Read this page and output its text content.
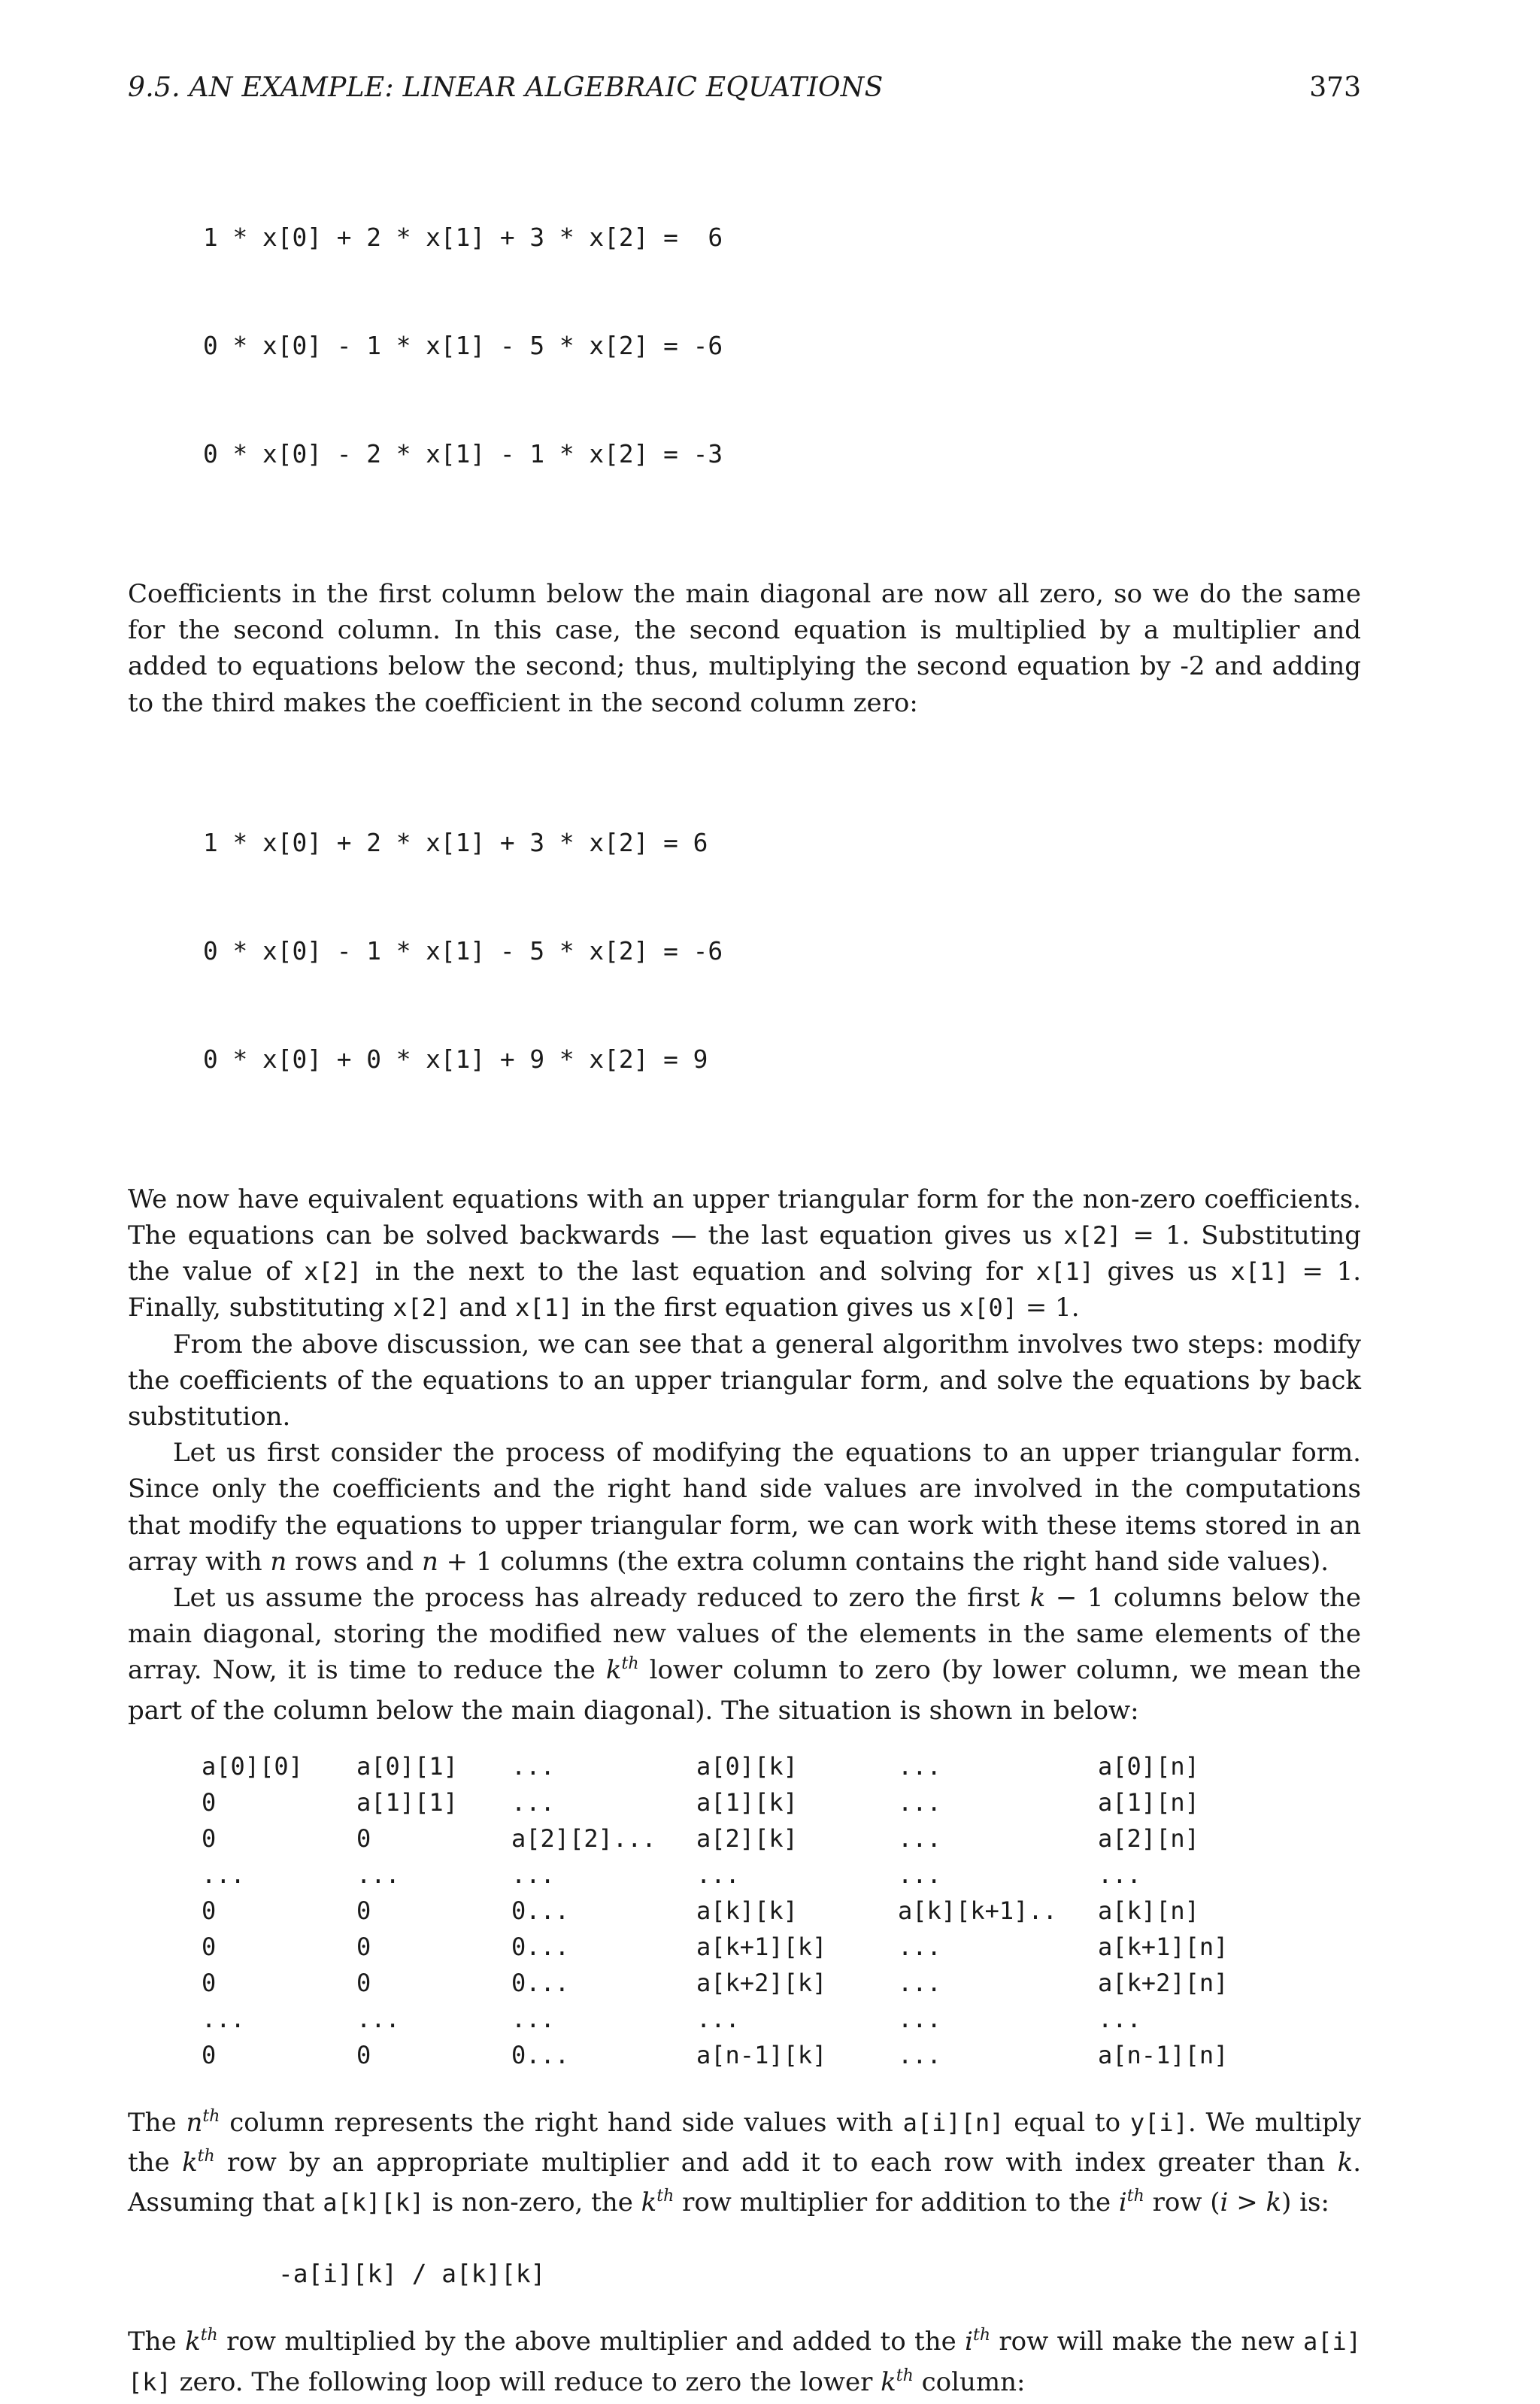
9.5. AN EXAMPLE: LINEAR ALGEBRAIC EQUATIONS	373

1 * x[0] + 2 * x[1] + 3 * x[2] =  6

0 * x[0] - 1 * x[1] - 5 * x[2] = -6

0 * x[0] - 2 * x[1] - 1 * x[2] = -3

Coefficients in the first column below the main diagonal are now all zero, so we do the same for the second column. In this case, the second equation is multiplied by a multiplier and added to equations below the second; thus, multiplying the second equation by -2 and adding to the third makes the coefficient in the second column zero:

1 * x[0] + 2 * x[1] + 3 * x[2] = 6

0 * x[0] - 1 * x[1] - 5 * x[2] = -6

0 * x[0] + 0 * x[1] + 9 * x[2] = 9

We now have equivalent equations with an upper triangular form for the non-zero coefficients. The equations can be solved backwards — the last equation gives us x[2] = 1. Substituting the value of x[2] in the next to the last equation and solving for x[1] gives us x[1] = 1. Finally, substituting x[2] and x[1] in the first equation gives us x[0] = 1.

From the above discussion, we can see that a general algorithm involves two steps: modify the coefficients of the equations to an upper triangular form, and solve the equations by back substitution.

Let us first consider the process of modifying the equations to an upper triangular form. Since only the coefficients and the right hand side values are involved in the computations that modify the equations to upper triangular form, we can work with these items stored in an array with n rows and n + 1 columns (the extra column contains the right hand side values).

Let us assume the process has already reduced to zero the first k − 1 columns below the main diagonal, storing the modified new values of the elements in the same elements of the array. Now, it is time to reduce the $k^{th}$ lower column to zero (by lower column, we mean the part of the column below the main diagonal). The situation is shown in below:

a[0][0]	a[0][1]	...	a[0][k]	...	a[0][n]
0	a[1][1]	...	a[1][k]	...	a[1][n]
0	0	a[2][2]...	a[2][k]	...	a[2][n]
...	...	...	...	...	...
0	0	0...	a[k][k]	a[k][k+1]..	a[k][n]
0	0	0...	a[k+1][k]	...	a[k+1][n]
0	0	0...	a[k+2][k]	...	a[k+2][n]
...	...	...	...	...	...
0	0	0...	a[n-1][k]	...	a[n-1][n]

The $n^{th}$ column represents the right hand side values with a[i][n] equal to y[i]. We multiply the $k^{th}$ row by an appropriate multiplier and add it to each row with index greater than k. Assuming that a[k][k] is non-zero, the $k^{th}$ row multiplier for addition to the $i^{th}$ row (i > k) is:

-a[i][k] / a[k][k]

The $k^{th}$ row multiplied by the above multiplier and added to the $i^{th}$ row will make the new a[i][k] zero. The following loop will reduce to zero the lower $k^{th}$ column:
